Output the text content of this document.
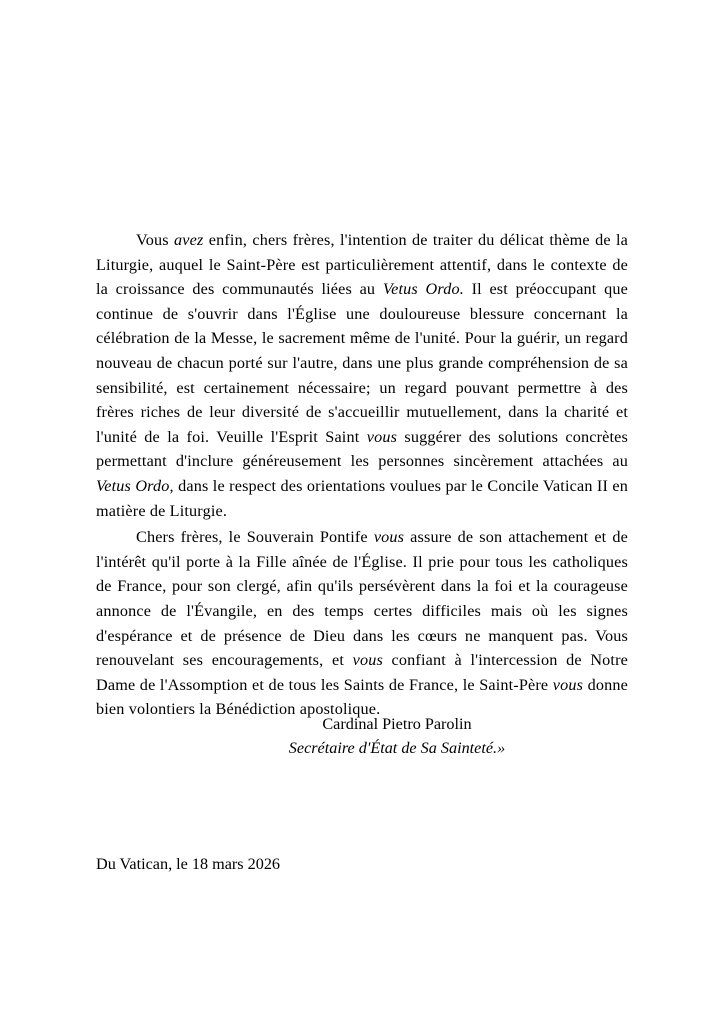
Vous avez enfin, chers frères, l'intention de traiter du délicat thème de la Liturgie, auquel le Saint-Père est particulièrement attentif, dans le contexte de la croissance des communautés liées au Vetus Ordo. Il est préoccupant que continue de s'ouvrir dans l'Église une douloureuse blessure concernant la célébration de la Messe, le sacrement même de l'unité. Pour la guérir, un regard nouveau de chacun porté sur l'autre, dans une plus grande compréhension de sa sensibilité, est certainement nécessaire; un regard pouvant permettre à des frères riches de leur diversité de s'accueillir mutuellement, dans la charité et l'unité de la foi. Veuille l'Esprit Saint vous suggérer des solutions concrètes permettant d'inclure généreusement les personnes sincèrement attachées au Vetus Ordo, dans le respect des orientations voulues par le Concile Vatican II en matière de Liturgie.

Chers frères, le Souverain Pontife vous assure de son attachement et de l'intérêt qu'il porte à la Fille aînée de l'Église. Il prie pour tous les catholiques de France, pour son clergé, afin qu'ils persévèrent dans la foi et la courageuse annonce de l'Évangile, en des temps certes difficiles mais où les signes d'espérance et de présence de Dieu dans les cœurs ne manquent pas. Vous renouvelant ses encouragements, et vous confiant à l'intercession de Notre Dame de l'Assomption et de tous les Saints de France, le Saint-Père vous donne bien volontiers la Bénédiction apostolique.

Cardinal Pietro Parolin
Secrétaire d'État de Sa Sainteté.»
Du Vatican, le 18 mars 2026
